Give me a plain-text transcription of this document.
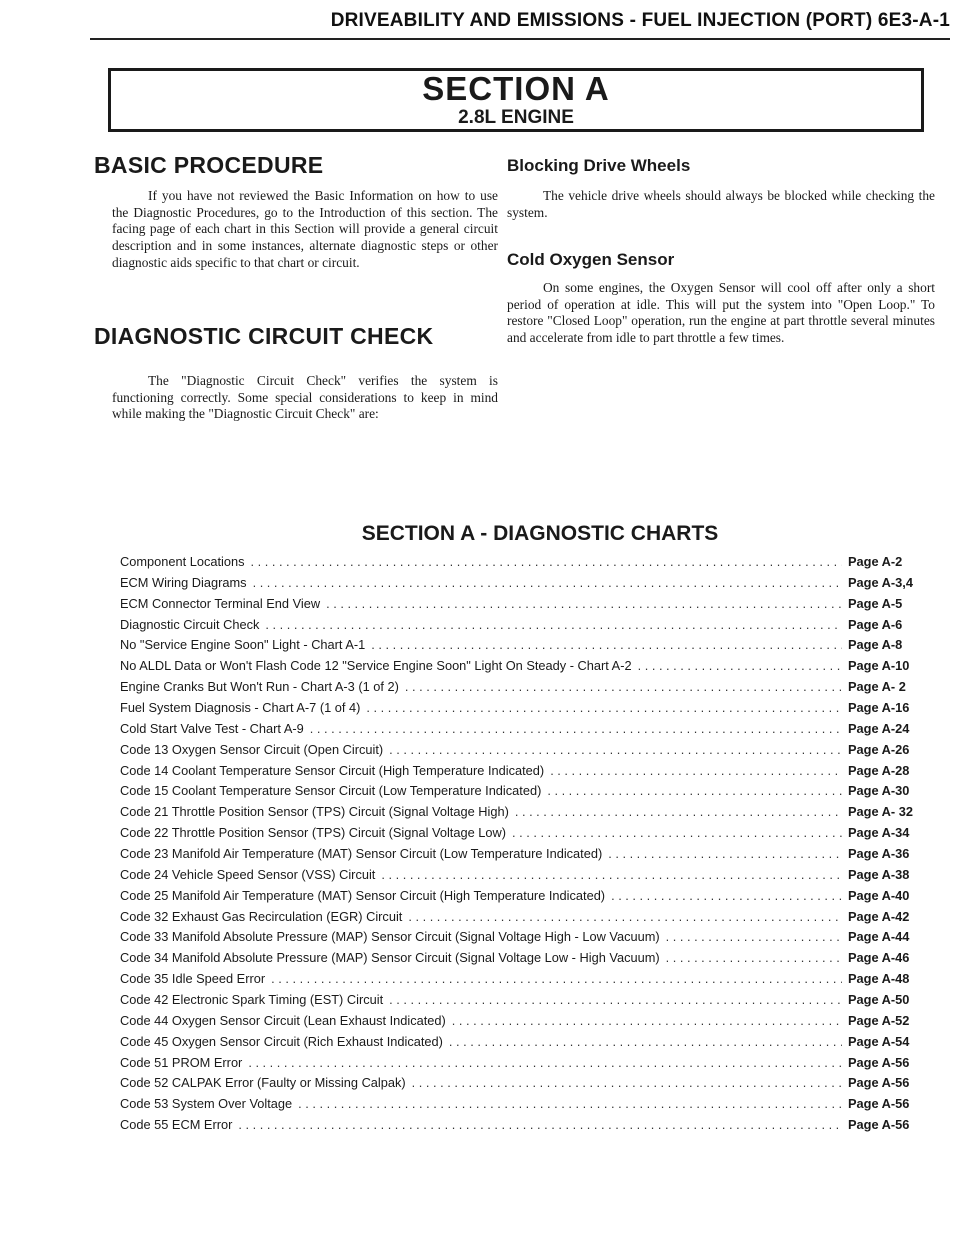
DRIVEABILITY AND EMISSIONS - FUEL INJECTION (PORT) 6E3-A-1
SECTION A
2.8L ENGINE
BASIC PROCEDURE

If you have not reviewed the Basic Information on how to use the Diagnostic Procedures, go to the Introduction of this section. The facing page of each chart in this Section will provide a general circuit description and in some instances, alternate diagnostic steps or other diagnostic aids specific to that chart or circuit.

DIAGNOSTIC CIRCUIT CHECK

The "Diagnostic Circuit Check" verifies the system is functioning correctly. Some special considerations to keep in mind while making the "Diagnostic Circuit Check" are:

Blocking Drive Wheels

The vehicle drive wheels should always be blocked while checking the system.

Cold Oxygen Sensor

On some engines, the Oxygen Sensor will cool off after only a short period of operation at idle. This will put the system into "Open Loop." To restore "Closed Loop" operation, run the engine at part throttle several minutes and accelerate from idle to part throttle a few times.

SECTION A - DIAGNOSTIC CHARTS
Component Locations . . .	Page A-2
ECM Wiring Diagrams . . .	Page A-3,4
ECM Connector Terminal End View . . .	Page A-5
Diagnostic Circuit Check . . .	Page A-6
No "Service Engine Soon" Light - Chart A-1 . . .	Page A-8
No ALDL Data or Won't Flash Code 12 "Service Engine Soon" Light On Steady - Chart A-2 . . .	Page A-10
Engine Cranks But Won't Run - Chart A-3 (1 of 2) . . .	Page A- 2
Fuel System Diagnosis - Chart A-7 (1 of 4) . . .	Page A-16
Cold Start Valve Test - Chart A-9 . . .	Page A-24
Code 13 Oxygen Sensor Circuit (Open Circuit) . . .	Page A-26
Code 14 Coolant Temperature Sensor Circuit (High Temperature Indicated) . . .	Page A-28
Code 15 Coolant Temperature Sensor Circuit (Low Temperature Indicated) . . .	Page A-30
Code 21 Throttle Position Sensor (TPS) Circuit (Signal Voltage High) . . .	Page A- 32
Code 22 Throttle Position Sensor (TPS) Circuit (Signal Voltage Low) . . .	Page A-34
Code 23 Manifold Air Temperature (MAT) Sensor Circuit (Low Temperature Indicated) . . .	Page A-36
Code 24 Vehicle Speed Sensor (VSS) Circuit . . .	Page A-38
Code 25 Manifold Air Temperature (MAT) Sensor Circuit (High Temperature Indicated) . . .	Page A-40
Code 32 Exhaust Gas Recirculation (EGR) Circuit . . .	Page A-42
Code 33 Manifold Absolute Pressure (MAP) Sensor Circuit (Signal Voltage High - Low Vacuum) . . .	Page A-44
Code 34 Manifold Absolute Pressure (MAP) Sensor Circuit (Signal Voltage Low - High Vacuum) . . .	Page A-46
Code 35 Idle Speed Error . . .	Page A-48
Code 42 Electronic Spark Timing (EST) Circuit . . .	Page A-50
Code 44 Oxygen Sensor Circuit (Lean Exhaust Indicated) . . .	Page A-52
Code 45 Oxygen Sensor Circuit (Rich Exhaust Indicated) . . .	Page A-54
Code 51 PROM Error . . .	Page A-56
Code 52 CALPAK Error (Faulty or Missing Calpak) . . .	Page A-56
Code 53 System Over Voltage . . .	Page A-56
Code 55 ECM Error . . .	Page A-56
